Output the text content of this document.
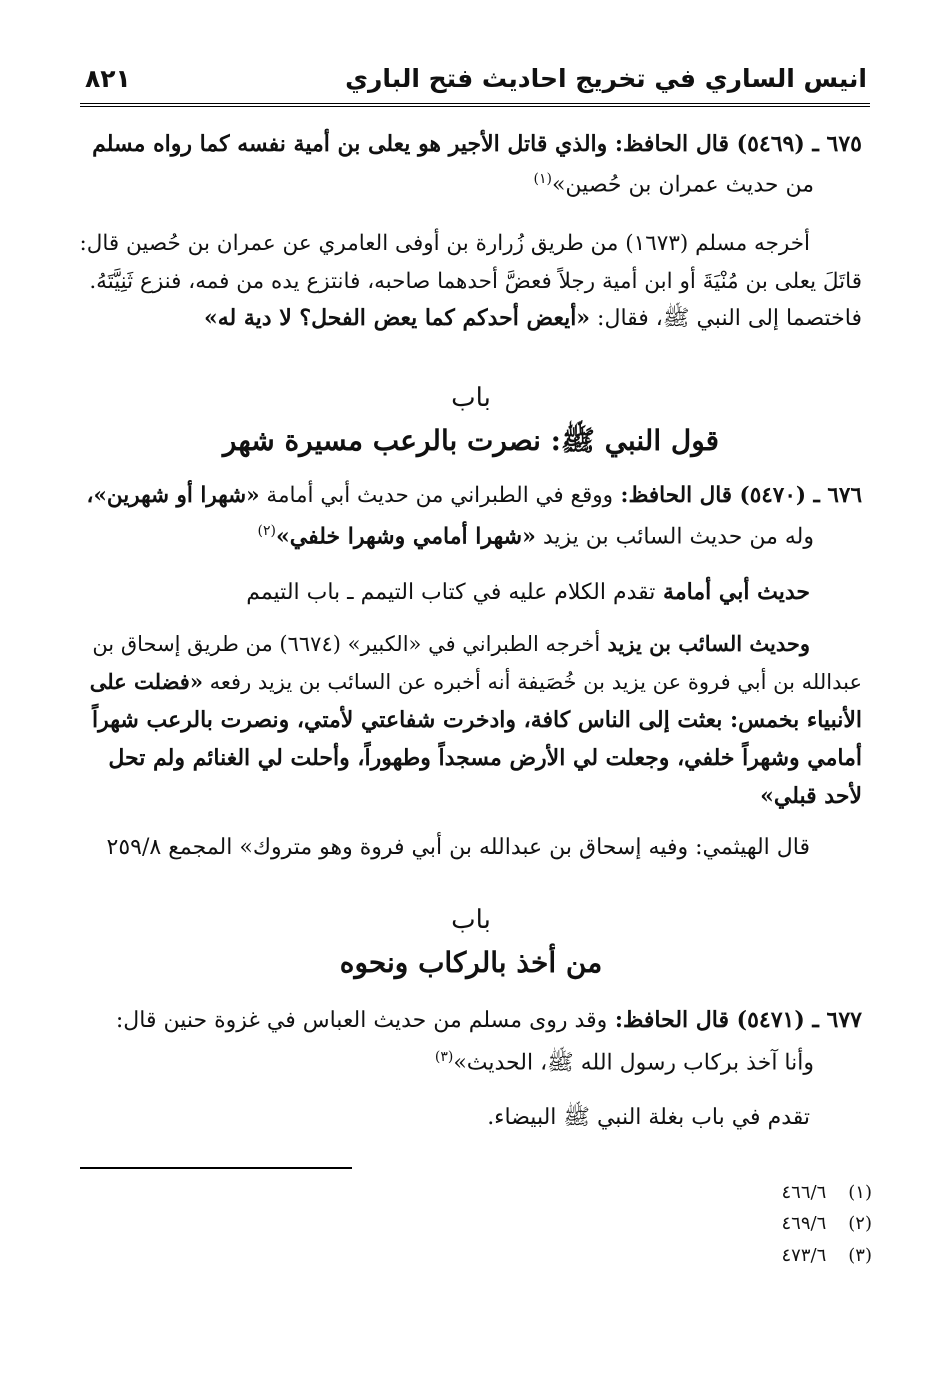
انيس الساري في تخريج احاديث فتح الباري
٨٢١
٦٧٥ ـ (٥٤٦٩) قال الحافظ: والذي قاتل الأجير هو يعلى بن أمية نفسه كما رواه مسلم
من حديث عمران بن حُصين»$^{(١)}$
أخرجه مسلم (١٦٧٣) من طريق زُرارة بن أوفى العامري عن عمران بن حُصين قال:
قاتَلَ يعلى بن مُنْيَةَ أو ابن أمية رجلاً فعضَّ أحدهما صاحبه، فانتزع يده من فمه، فنزع ثَنِيَّتَهُ.
فاختصما إلى النبي ﷺ، فقال: «أيعض أحدكم كما يعض الفحل؟ لا دية له»
باب
قول النبي ﷺ: نصرت بالرعب مسيرة شهر
٦٧٦ ـ (٥٤٧٠) قال الحافظ: ووقع في الطبراني من حديث أبي أمامة «شهرا أو شهرين»،
وله من حديث السائب بن يزيد «شهرا أمامي وشهرا خلفي»$^{(٢)}$
حديث أبي أمامة تقدم الكلام عليه في كتاب التيمم ـ باب التيمم
وحديث السائب بن يزيد أخرجه الطبراني في «الكبير» (٦٦٧٤) من طريق إسحاق بن
عبدالله بن أبي فروة عن يزيد بن خُصَيفة أنه أخبره عن السائب بن يزيد رفعه «فضلت على
الأنبياء بخمس: بعثت إلى الناس كافة، وادخرت شفاعتي لأمتي، ونصرت بالرعب شهراً
أمامي وشهراً خلفي، وجعلت لي الأرض مسجداً وطهوراً، وأحلت لي الغنائم ولم تحل
لأحد قبلي»
قال الهيثمي: وفيه إسحاق بن عبدالله بن أبي فروة وهو متروك» المجمع ٢٥٩/٨
باب
من أخذ بالركاب ونحوه
٦٧٧ ـ (٥٤٧١) قال الحافظ: وقد روى مسلم من حديث العباس في غزوة حنين قال:
وأنا آخذ بركاب رسول الله ﷺ، الحديث»$^{(٣)}$
تقدم في باب بغلة النبي ﷺ البيضاء.
(١) ٤٦٦/٦
(٢) ٤٦٩/٦
(٣) ٤٧٣/٦
